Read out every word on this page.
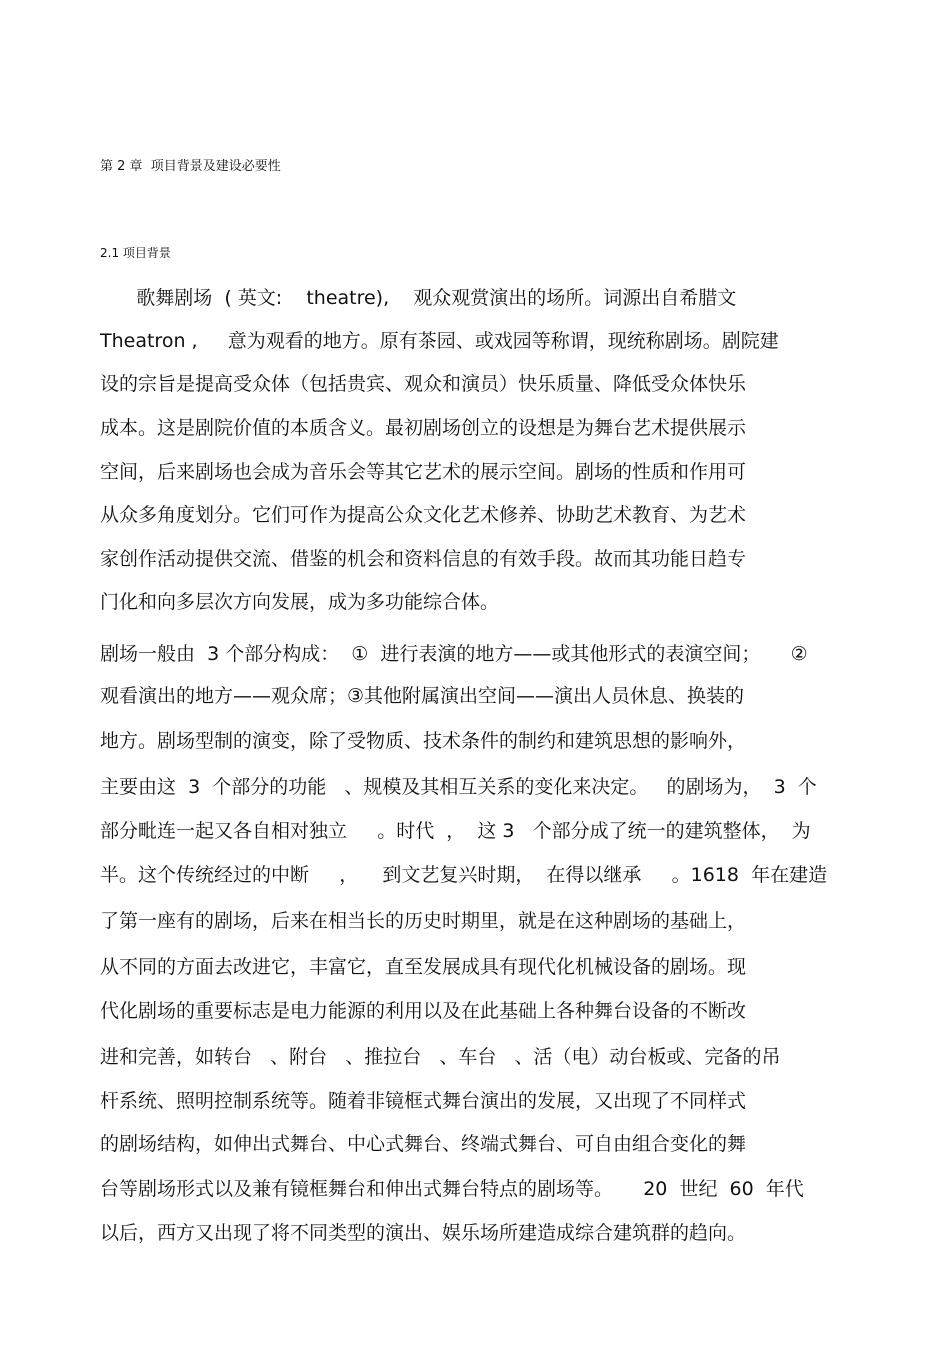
第 2 章  项目背景及建设必要性
2.1 项目背景
歌舞剧场  ( 英文:    theatre),    观众观赏演出的场所。词源出自希腊文
Theatron ,     意为观看的地方。原有茶园、或戏园等称谓，现统称剧场。剧院建
设的宗旨是提高受众体（包括贵宾、观众和演员）快乐质量、降低受众体快乐
成本。这是剧院价值的本质含义。最初剧场创立的设想是为舞台艺术提供展示
空间，后来剧场也会成为音乐会等其它艺术的展示空间。剧场的性质和作用可
从众多角度划分。它们可作为提高公众文化艺术修养、协助艺术教育、为艺术
家创作活动提供交流、借鉴的机会和资料信息的有效手段。故而其功能日趋专
门化和向多层次方向发展，成为多功能综合体。
剧场一般由  3 个部分构成：  ①  进行表演的地方——或其他形式的表演空间；     ②
观看演出的地方——观众席；③其他附属演出空间——演出人员休息、换装的
地方。剧场型制的演变，除了受物质、技术条件的制约和建筑思想的影响外，
主要由这  3  个部分的功能   、规模及其相互关系的变化来决定。   的剧场为，  3  个
部分毗连一起又各自相对独立     。时代  ，  这 3   个部分成了统一的建筑整体，  为
半。这个传统经过的中断     ，    到文艺复兴时期，  在得以继承     。1618  年在建造
了第一座有的剧场，后来在相当长的历史时期里，就是在这种剧场的基础上，
从不同的方面去改进它，丰富它，直至发展成具有现代化机械设备的剧场。现
代化剧场的重要标志是电力能源的利用以及在此基础上各种舞台设备的不断改
进和完善，如转台   、附台   、推拉台   、车台   、活（电）动台板或、完备的吊
杆系统、照明控制系统等。随着非镜框式舞台演出的发展，又出现了不同样式
的剧场结构，如伸出式舞台、中心式舞台、终端式舞台、可自由组合变化的舞
台等剧场形式以及兼有镜框舞台和伸出式舞台特点的剧场等。     20  世纪  60  年代
以后，西方又出现了将不同类型的演出、娱乐场所建造成综合建筑群的趋向。
